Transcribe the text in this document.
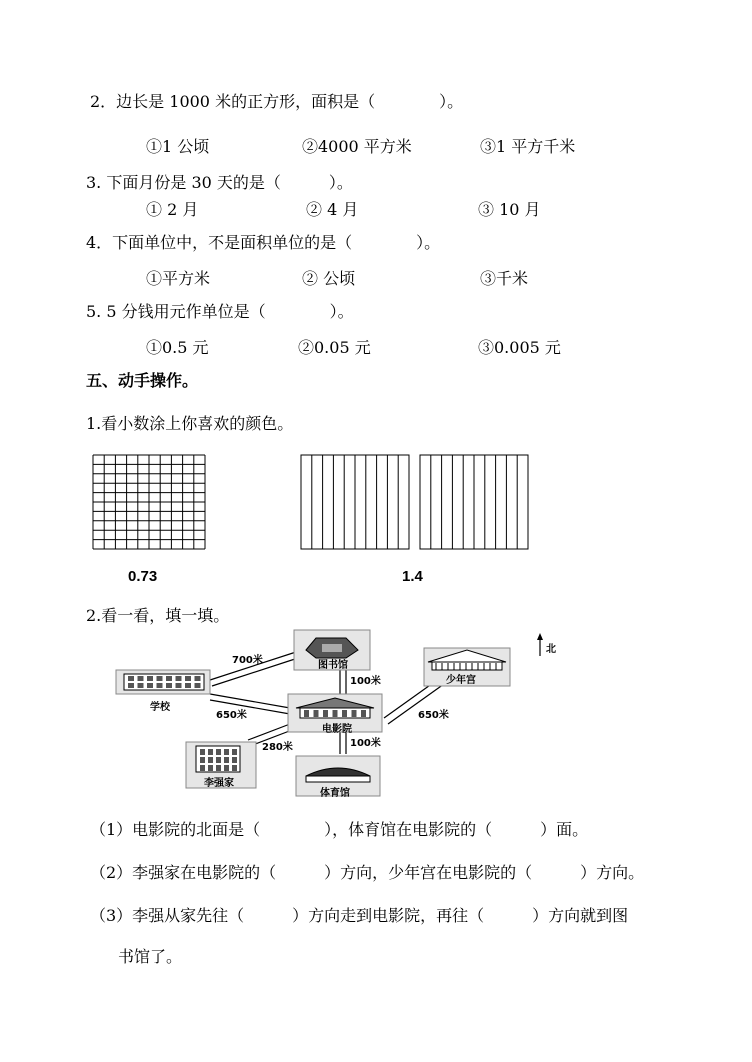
2．边长是 1000 米的正方形，面积是（　　　　）。
①1 公顷	②4000 平方米	③1 平方千米
3. 下面月份是 30 天的是（　　　）。
① 2 月	② 4 月	③ 10 月
4．下面单位中，不是面积单位的是（　　　　）。
①平方米	② 公顷	③千米
5. 5 分钱用元作单位是（　　　　）。
①0.5 元	②0.05 元	③0.005 元
五、动手操作。
1.看小数涂上你喜欢的颜色。
0.73	1.4
2.看一看，填一填。
图书馆
学校
少年宫
电影院
李强家
体育馆
700米
100米
650米	650米
280米	100米
北
（1）电影院的北面是（　　　　），体育馆在电影院的（　　　）面。
（2）李强家在电影院的（　　　）方向，少年宫在电影院的（　　　）方向。
（3）李强从家先往（　　　）方向走到电影院，再往（　　　）方向就到图
书馆了。
